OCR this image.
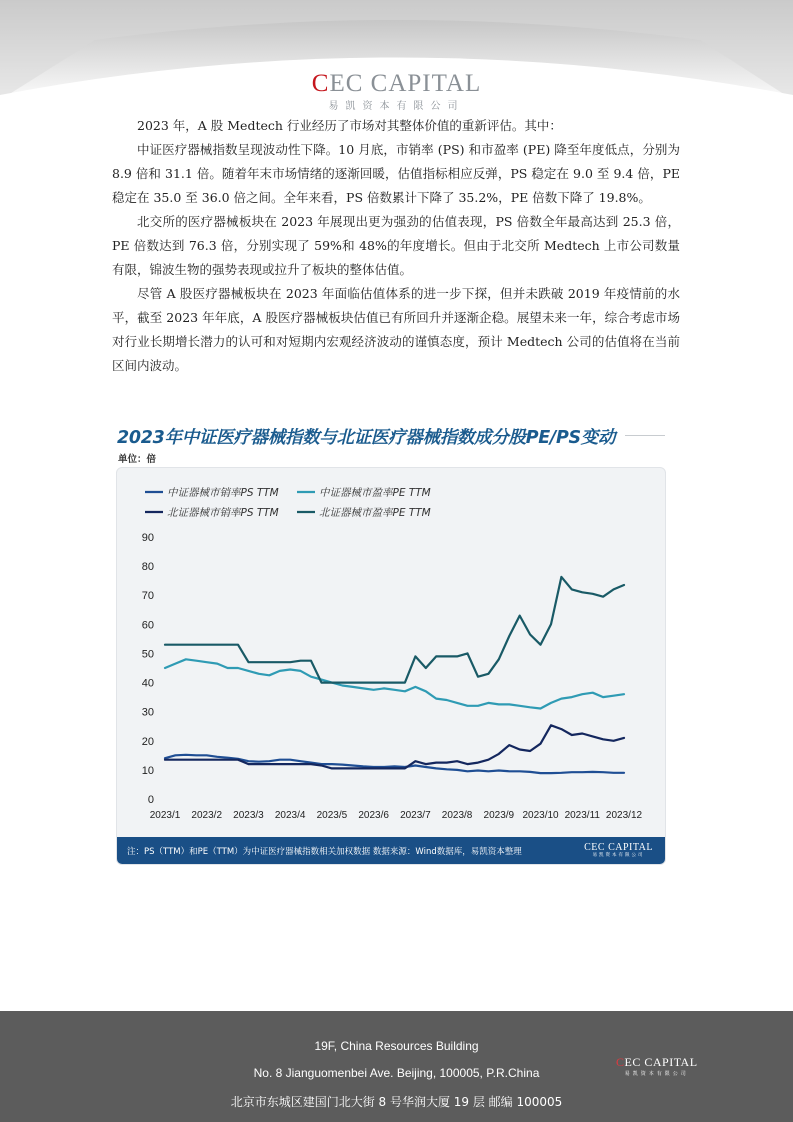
CEC CAPITAL
易凯资本有限公司

2023 年，A 股 Medtech 行业经历了市场对其整体价值的重新评估。其中：

中证医疗器械指数呈现波动性下降。10 月底，市销率 (PS) 和市盈率 (PE) 降至年度低点，分别为 8.9 倍和 31.1 倍。随着年末市场情绪的逐渐回暖，估值指标相应反弹，PS 稳定在 9.0 至 9.4 倍，PE 稳定在 35.0 至 36.0 倍之间。全年来看，PS 倍数累计下降了 35.2%，PE 倍数下降了 19.8%。

北交所的医疗器械板块在 2023 年展现出更为强劲的估值表现，PS 倍数全年最高达到 25.3 倍，PE 倍数达到 76.3 倍，分别实现了 59%和 48%的年度增长。但由于北交所 Medtech 上市公司数量有限，锦波生物的强势表现或拉升了板块的整体估值。

尽管 A 股医疗器械板块在 2023 年面临估值体系的进一步下探，但并未跌破 2019 年疫情前的水平，截至 2023 年年底，A 股医疗器械板块估值已有所回升并逐渐企稳。展望未来一年，综合考虑市场对行业长期增长潜力的认可和对短期内宏观经济波动的谨慎态度，预计 Medtech 公司的估值将在当前区间内波动。

2023年中证医疗器械指数与北证医疗器械指数成分股PE/PS变动
单位：倍
0
10
20
30
40
50
60
70
80
90
2023/1 2023/2 2023/3 2023/4 2023/5 2023/6 2023/7 2023/8 2023/9 2023/10 2023/11 2023/12
中证器械市销率PS TTM	中证器械市盈率PE TTM
北证器械市销率PS TTM	北证器械市盈率PE TTM
注：PS（TTM）和PE（TTM）为中证医疗器械指数相关加权数据 数据来源：Wind数据库，易凯资本整理	CEC CAPITAL
易凯资本有限公司
19F, China Resources Building
No. 8 Jianguomenbei Ave. Beijing, 100005, P.R.China
北京市东城区建国门北大街 8 号华润大厦 19 层 邮编 100005
CEC CAPITAL
易凯资本有限公司
